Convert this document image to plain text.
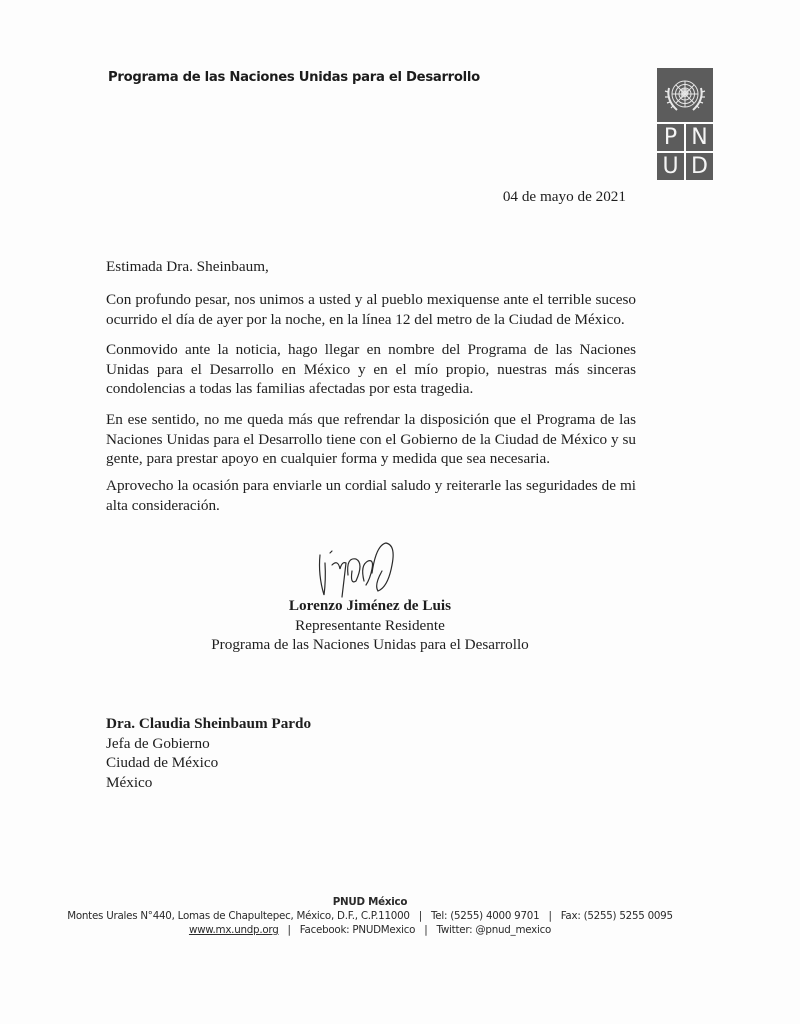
Programa de las Naciones Unidas para el Desarrollo
P N
U D
04 de mayo de 2021
Estimada Dra. Sheinbaum,

Con profundo pesar, nos unimos a usted y al pueblo mexiquense ante el terrible suceso ocurrido el día de ayer por la noche, en la línea 12 del metro de la Ciudad de México.

Conmovido ante la noticia, hago llegar en nombre del Programa de las Naciones Unidas para el Desarrollo en México y en el mío propio, nuestras más sinceras condolencias a todas las familias afectadas por esta tragedia.

En ese sentido, no me queda más que refrendar la disposición que el Programa de las Naciones Unidas para el Desarrollo tiene con el Gobierno de la Ciudad de México y su gente, para prestar apoyo en cualquier forma y medida que sea necesaria.

Aprovecho la ocasión para enviarle un cordial saludo y reiterarle las seguridades de mi alta consideración.

Lorenzo Jiménez de Luis
Representante Residente
Programa de las Naciones Unidas para el Desarrollo
Dra. Claudia Sheinbaum Pardo
Jefa de Gobierno
Ciudad de México
México
PNUD México
Montes Urales N°440, Lomas de Chapultepec, México, D.F., C.P.11000 | Tel: (5255) 4000 9701 | Fax: (5255) 5255 0095
www.mx.undp.org | Facebook: PNUDMexico | Twitter: @pnud_mexico
